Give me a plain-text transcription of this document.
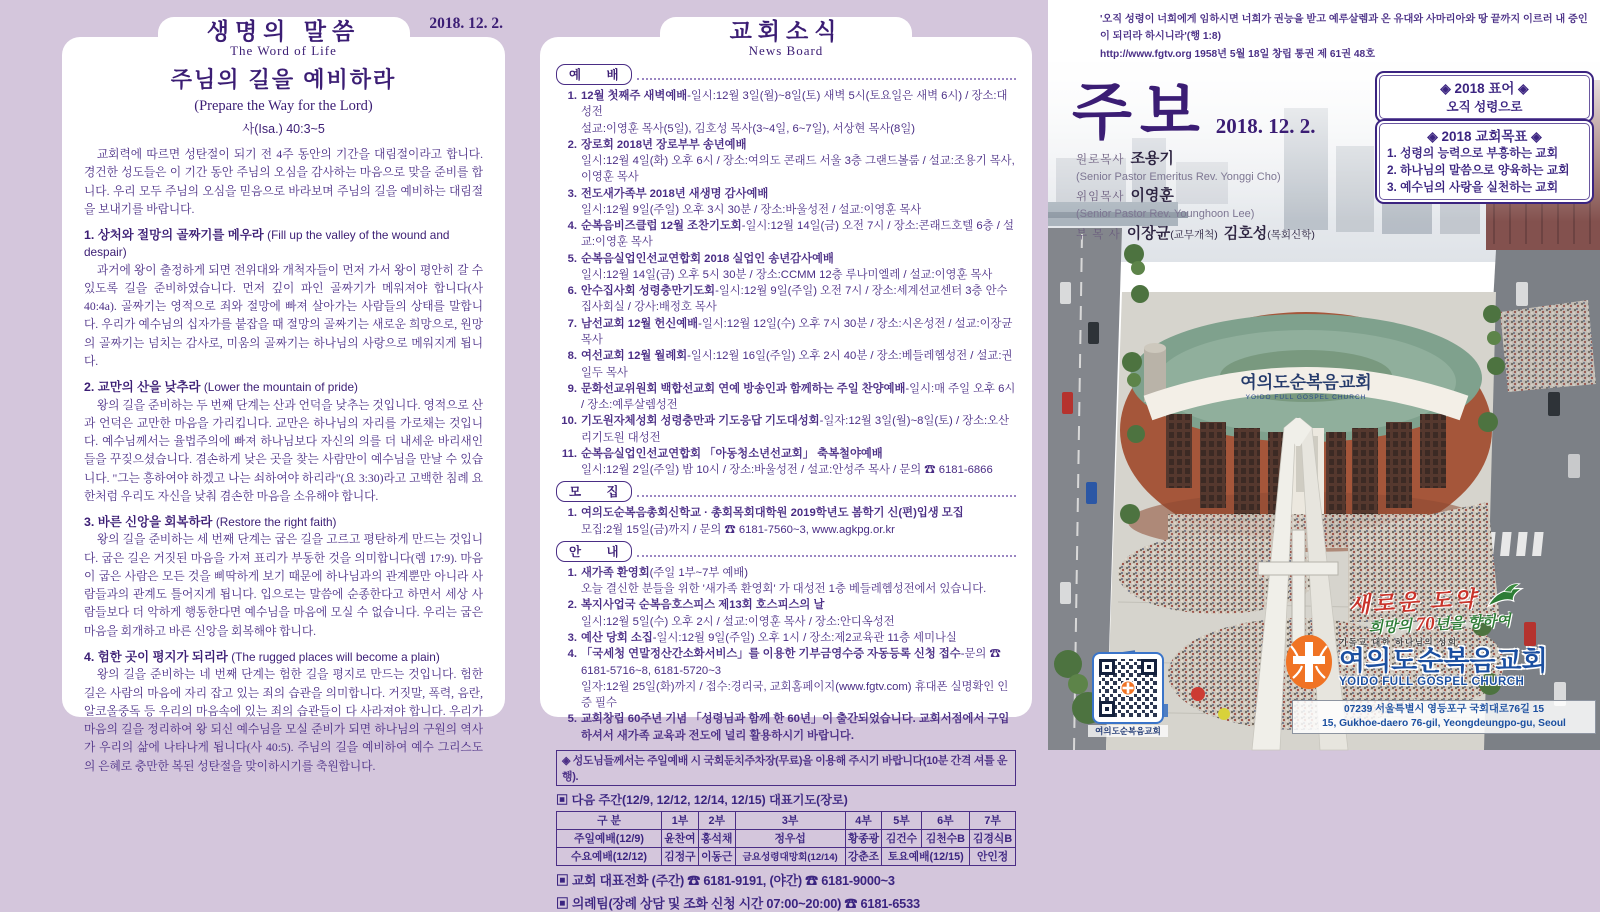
생명의 말씀
The Word of Life
2018. 12. 2.
주님의 길을 예비하라
(Prepare the Way for the Lord)
사(Isa.) 40:3~5
교회력에 따르면 성탄절이 되기 전 4주 동안의 기간을 대림절이라고 합니다. 경건한 성도들은 이 기간 동안 주님의 오심을 감사하는 마음으로 맞을 준비를 합니다. 우리 모두 주님의 오심을 믿음으로 바라보며 주님의 길을 예비하는 대림절을 보내기를 바랍니다.
1. 상처와 절망의 골짜기를 메우라 (Fill up the valley of the wound and despair)
과거에 왕이 출정하게 되면 전위대와 개척자들이 먼저 가서 왕이 평안히 갈 수 있도록 길을 준비하였습니다. 먼저 깊이 파인 골짜기가 메워져야 합니다(사 40:4a). 골짜기는 영적으로 죄와 절망에 빠져 살아가는 사람들의 상태를 말합니다. 우리가 예수님의 십자가를 붙잡을 때 절망의 골짜기는 새로운 희망으로, 원망의 골짜기는 넘치는 감사로, 미움의 골짜기는 하나님의 사랑으로 메워지게 됩니다.
2. 교만의 산을 낮추라 (Lower the mountain of pride)
왕의 길을 준비하는 두 번째 단계는 산과 언덕을 낮추는 것입니다. 영적으로 산과 언덕은 교만한 마음을 가리킵니다. 교만은 하나님의 자리를 가로채는 것입니다. 예수님께서는 율법주의에 빠져 하나님보다 자신의 의를 더 내세운 바리새인들을 꾸짖으셨습니다. 겸손하게 낮은 곳을 찾는 사람만이 예수님을 만날 수 있습니다. "그는 흥하여야 하겠고 나는 쇠하여야 하리라"(요 3:30)라고 고백한 침례 요한처럼 우리도 자신을 낮춰 겸손한 마음을 소유해야 합니다.
3. 바른 신앙을 회복하라 (Restore the right faith)
왕의 길을 준비하는 세 번째 단계는 굽은 길을 고르고 평탄하게 만드는 것입니다. 굽은 길은 거짓된 마음을 가져 표리가 부동한 것을 의미합니다(렘 17:9). 마음이 굽은 사람은 모든 것을 삐딱하게 보기 때문에 하나님과의 관계뿐만 아니라 사람들과의 관계도 틀어지게 됩니다. 입으로는 말씀에 순종한다고 하면서 세상 사람들보다 더 악하게 행동한다면 예수님을 마음에 모실 수 없습니다. 우리는 굽은 마음을 회개하고 바른 신앙을 회복해야 합니다.
4. 험한 곳이 평지가 되리라 (The rugged places will become a plain)
왕의 길을 준비하는 네 번째 단계는 험한 길을 평지로 만드는 것입니다. 험한 길은 사람의 마음에 자리 잡고 있는 죄의 습관을 의미합니다. 거짓말, 폭력, 음란, 알코올중독 등 우리의 마음속에 있는 죄의 습관들이 다 사라져야 합니다. 우리가 마음의 길을 정리하여 왕 되신 예수님을 모실 준비가 되면 하나님의 구원의 역사가 우리의 삶에 나타나게 됩니다(사 40:5). 주님의 길을 예비하여 예수 그리스도의 은혜로 충만한 복된 성탄절을 맞이하시기를 축원합니다.
교회소식
News Board
예 배
1. 12월 첫째주 새벽예배-일시:12월 3일(월)~8일(토) 새벽 5시(토요일은 새벽 6시) / 장소:대성전
설교:이영훈 목사(5일), 김호성 목사(3~4일, 6~7일), 서상현 목사(8일)
2. 장로회 2018년 장로부부 송년예배
일시:12월 4일(화) 오후 6시 / 장소:여의도 콘래드 서울 3층 그랜드볼룸 / 설교:조용기 목사, 이영훈 목사
3. 전도새가족부 2018년 새생명 감사예배
일시:12월 9일(주일) 오후 3시 30분 / 장소:바울성전 / 설교:이영훈 목사
4. 순복음비즈클럽 12월 조찬기도회-일시:12월 14일(금) 오전 7시 / 장소:콘래드호텔 6층 / 설교:이영훈 목사
5. 순복음실업인선교연합회 2018 실업인 송년감사예배
일시:12월 14일(금) 오후 5시 30분 / 장소:CCMM 12층 루나미엘레 / 설교:이영훈 목사
6. 안수집사회 성령충만기도회-일시:12월 9일(주일) 오전 7시 / 장소:세계선교센터 3층 안수집사회실 / 강사:배정호 목사
7. 남선교회 12월 헌신예배-일시:12월 12일(수) 오후 7시 30분 / 장소:시온성전 / 설교:이장균 목사
8. 여선교회 12월 월례회-일시:12월 16일(주일) 오후 2시 40분 / 장소:베들레헴성전 / 설교:권일두 목사
9. 문화선교위원회 백합선교회 연예 방송인과 함께하는 주일 찬양예배-일시:매 주일 오후 6시 / 장소:예루살렘성전
10. 기도원자체성회 성령충만과 기도응답 기도대성회-일자:12월 3일(월)~8일(토) / 장소:오산리기도원 대성전
11. 순복음실업인선교연합회 「아동청소년선교회」 축복철야예배
일시:12월 2일(주일) 밤 10시 / 장소:바울성전 / 설교:안성주 목사 / 문의 ☎ 6181-6866
모 집
1. 여의도순복음총회신학교 · 총회목회대학원 2019학년도 봄학기 신(편)입생 모집
모집:2월 15일(금)까지 / 문의 ☎ 6181-7560~3, www.agkpg.or.kr
안 내
1. 새가족 환영회(주일 1부~7부 예배)
오늘 결신한 분들을 위한 '새가족 환영회' 가 대성전 1층 베들레헴성전에서 있습니다.
2. 복지사업국 순복음호스피스 제13회 호스피스의 날
일시:12월 5일(수) 오후 2시 / 설교:이영훈 목사 / 장소:안디옥성전
3. 예산 당회 소집-일시:12월 9일(주일) 오후 1시 / 장소:제2교육관 11층 세미나실
4. 「국세청 연말정산간소화서비스」를 이용한 기부금영수증 자동등록 신청 접수-문의 ☎ 6181-5716~8, 6181-5720~3
일자:12월 25일(화)까지 / 접수:경리국, 교회홈페이지(www.fgtv.com) 휴대폰 실명확인 인증 필수
5. 교회창립 60주년 기념 「성령님과 함께 한 60년」이 출간되었습니다. 교회서점에서 구입하셔서 새가족 교육과 전도에 널리 활용하시기 바랍니다.
◈ 성도님들께서는 주일예배 시 국회둔치주차장(무료)을 이용해 주시기 바랍니다(10분 간격 셔틀 운행).
▣ 다음 주간(12/9, 12/12, 12/14, 12/15) 대표기도(장로)
구 분	1부	2부	3부	4부	5부	6부	7부
주일예배(12/9)	윤찬여	홍석채	정우섭	황종광	김건수	김천수B	김경식B
수요예배(12/12)	김정구	이동근	금요성령대망회(12/14)	강춘조	토요예배(12/15)		안인정
▣ 교회 대표전화 (주간) ☎ 6181-9191, (야간) ☎ 6181-9000~3
▣ 의례팀(장례 상담 및 조화 신청 시간 07:00~20:00) ☎ 6181-6533
'오직 성령이 너희에게 임하시면 너희가 권능을 받고 예루살렘과 온 유대와 사마리아와 땅 끝까지 이르러 내 증인이 되리라 하시니라'(행 1:8)
http://www.fgtv.org 1958년 5월 18일 창립 통권 제 61권 48호
여의도순복음교회
YOIDO FULL GOSPEL CHURCH
주보 2018. 12. 2.
원로목사 조용기
(Senior Pastor Emeritus Rev. Yonggi Cho)
위임목사 이영훈
(Senior Pastor Rev. Younghoon Lee)
부 목 사 이장균(교무개척) 김호성(목회신학)
◈ 2018 표어 ◈
오직 성령으로
◈ 2018 교회목표 ◈
1. 성령의 능력으로 부흥하는 교회
2. 하나님의 말씀으로 양육하는 교회
3. 예수님의 사랑을 실천하는 교회
새로운 도약
희망의 70년을 향하여
기독교 대한 하나님의 성회
여의도순복음교회
YOIDO FULL GOSPEL CHURCH
07239 서울특별시 영등포구 국회대로76길 15
15, Gukhoe-daero 76-gil, Yeongdeungpo-gu, Seoul
여의도순복음교회
